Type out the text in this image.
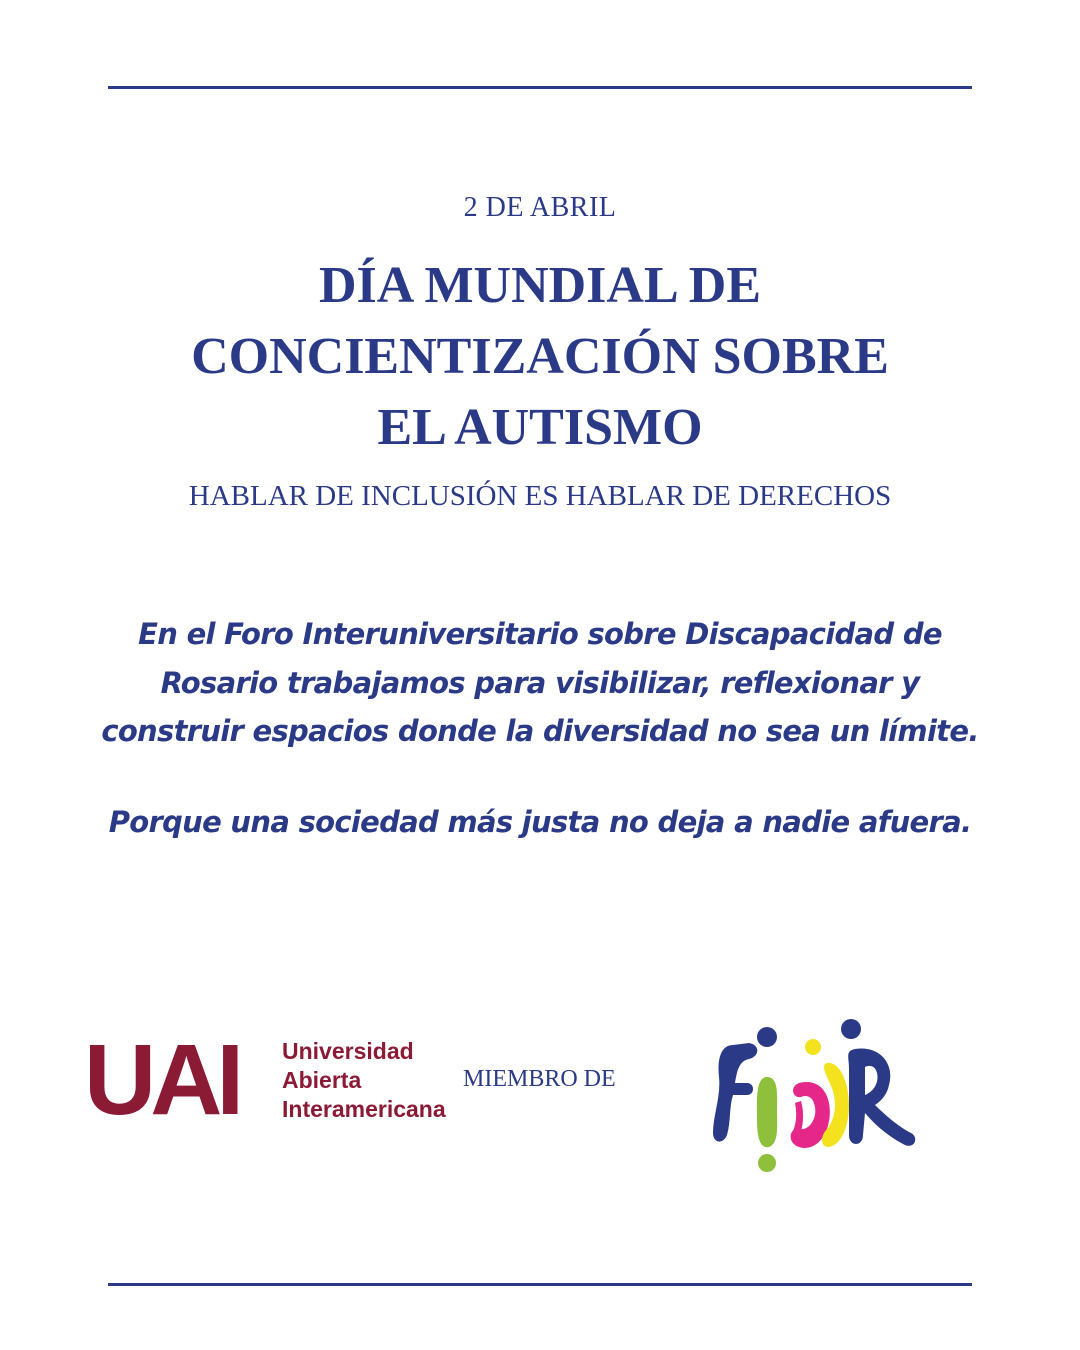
2 DE ABRIL
DÍA MUNDIAL DE
CONCIENTIZACIÓN SOBRE
EL AUTISMO
HABLAR DE INCLUSIÓN ES HABLAR DE DERECHOS
En el Foro Interuniversitario sobre Discapacidad de
Rosario trabajamos para visibilizar, reflexionar y
construir espacios donde la diversidad no sea un límite.
Porque una sociedad más justa no deja a nadie afuera.
UAI Universidad
Abierta
Interamericana
MIEMBRO DE
